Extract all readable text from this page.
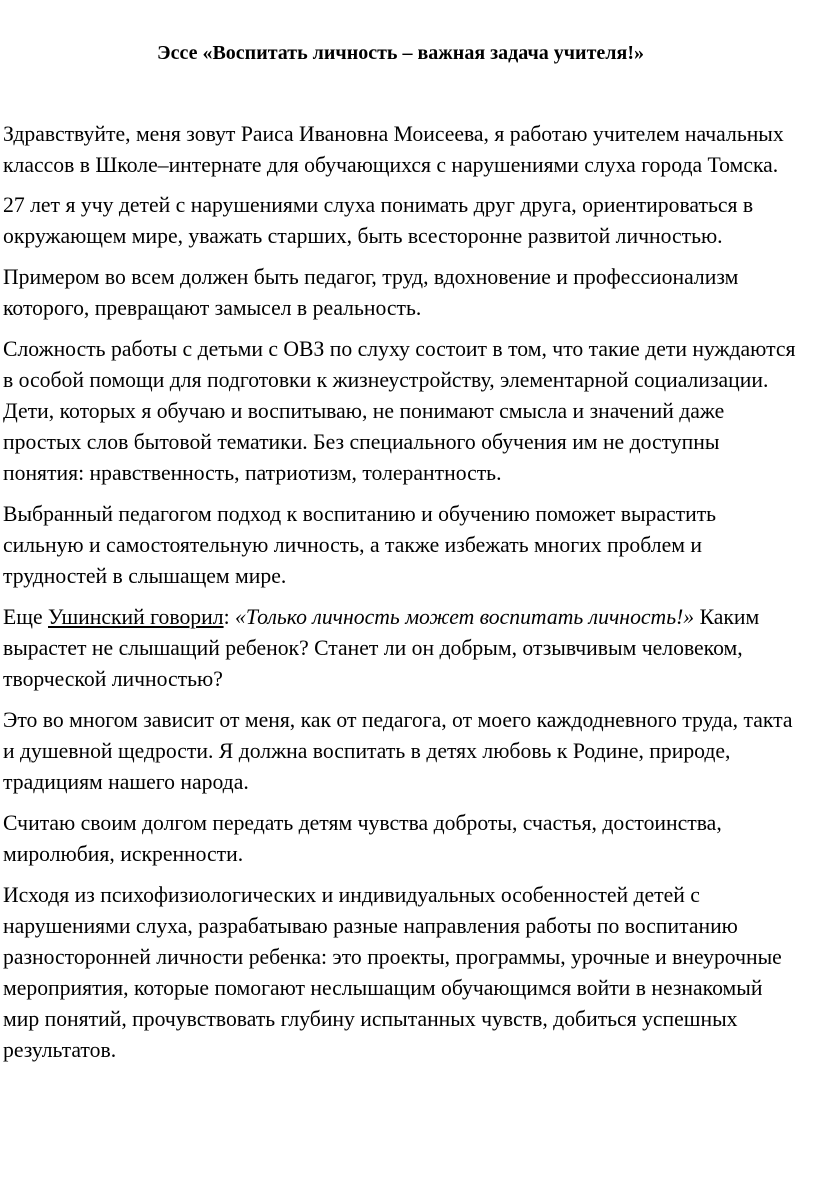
Эссе «Воспитать личность – важная задача учителя!»

Здравствуйте, меня зовут Раиса Ивановна Моисеева, я работаю учителем начальных классов в Школе–интернате для обучающихся с нарушениями слуха города Томска.

27 лет я учу детей с нарушениями слуха понимать друг друга, ориентироваться в окружающем мире, уважать старших, быть всесторонне развитой личностью.

Примером во всем должен быть педагог, труд, вдохновение и профессионализм которого, превращают замысел в реальность.

Сложность работы с детьми с ОВЗ по слуху состоит в том, что такие дети нуждаются в особой помощи для подготовки к жизнеустройству, элементарной социализации. Дети, которых я обучаю и воспитываю, не понимают смысла и значений даже простых слов бытовой тематики. Без специального обучения им не доступны понятия: нравственность, патриотизм, толерантность.

Выбранный педагогом подход к воспитанию и обучению поможет вырастить сильную и самостоятельную личность, а также избежать многих проблем и трудностей в слышащем мире.

Еще Ушинский говорил: «Только личность может воспитать личность!» Каким вырастет не слышащий ребенок? Станет ли он добрым, отзывчивым человеком, творческой личностью?

Это во многом зависит от меня, как от педагога, от моего каждодневного труда, такта и душевной щедрости. Я должна воспитать в детях любовь к Родине, природе, традициям нашего народа.

Считаю своим долгом передать детям чувства доброты, счастья, достоинства, миролюбия, искренности.

Исходя из психофизиологических и индивидуальных особенностей детей с нарушениями слуха, разрабатываю разные направления работы по воспитанию разносторонней личности ребенка: это проекты, программы, урочные и внеурочные мероприятия, которые помогают неслышащим обучающимся войти в незнакомый мир понятий, прочувствовать глубину испытанных чувств, добиться успешных результатов.
